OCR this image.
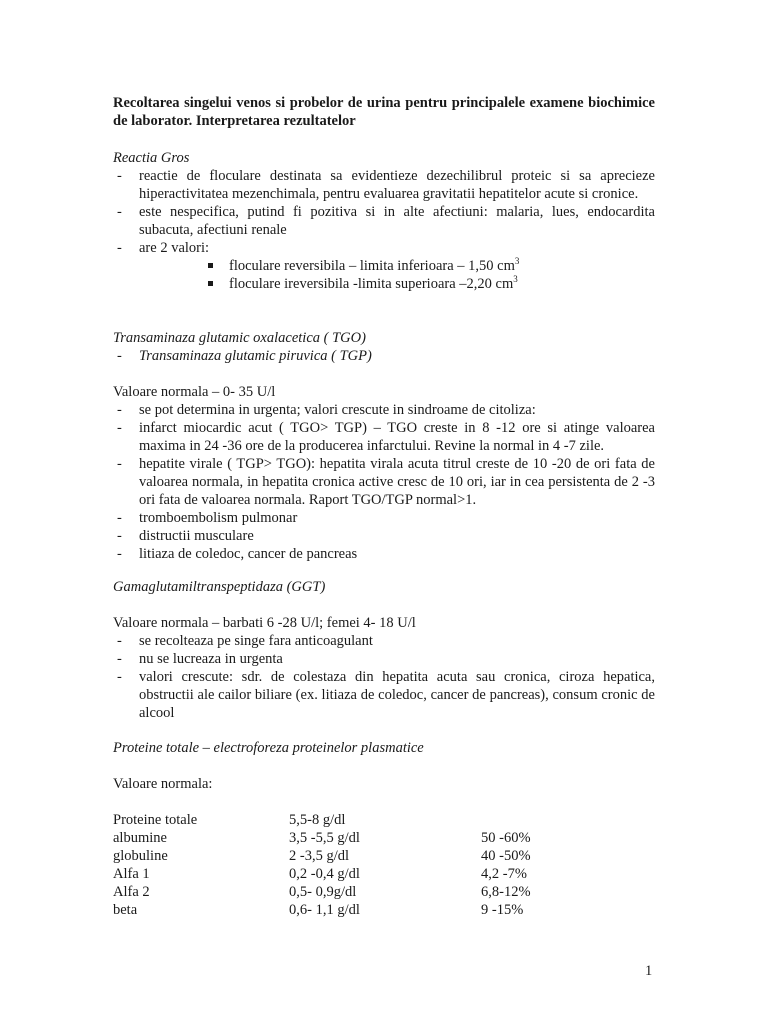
Recoltarea singelui venos si probelor de urina pentru principalele examene biochimice de laborator. Interpretarea rezultatelor
Reactia Gros
- reactie de floculare destinata sa evidentieze dezechilibrul proteic si sa aprecieze hiperactivitatea mezenchimala, pentru evaluarea gravitatii hepatitelor acute si cronice.
- este nespecifica, putind fi pozitiva si in alte afectiuni: malaria, lues, endocardita subacuta, afectiuni renale
- are 2 valori:
floculare reversibila – limita inferioara – 1,50 $cm^3$
floculare ireversibila -limita superioara –2,20 $cm^3$
Transaminaza glutamic oxalacetica ( TGO)
- Transaminaza glutamic piruvica ( TGP)
Valoare normala – 0- 35 U/l
- se pot determina in urgenta; valori crescute in sindroame de citoliza:
- infarct miocardic acut ( TGO> TGP) – TGO creste in 8 -12 ore si atinge valoarea maxima in 24 -36 ore de la producerea infarctului. Revine la normal in 4 -7 zile.
- hepatite virale ( TGP> TGO): hepatita virala acuta titrul creste de 10 -20 de ori fata de valoarea normala, in hepatita cronica active cresc de 10 ori, iar in cea persistenta de 2 -3 ori fata de valoarea normala. Raport TGO/TGP normal>1.
- tromboembolism pulmonar
- distructii musculare
- litiaza de coledoc, cancer de pancreas
Gamaglutamiltranspeptidaza (GGT)
Valoare normala – barbati 6 -28 U/l; femei 4- 18 U/l
- se recolteaza pe singe fara anticoagulant
- nu se lucreaza in urgenta
- valori crescute: sdr. de colestaza din hepatita acuta sau cronica, ciroza hepatica, obstructii ale cailor biliare (ex. litiaza de coledoc, cancer de pancreas), consum cronic de alcool
Proteine totale – electroforeza proteinelor plasmatice
Valoare normala:
Proteine totale	5,5-8 g/dl	
albumine	3,5 -5,5 g/dl	50 -60%
globuline	2 -3,5 g/dl	40 -50%
Alfa 1	0,2 -0,4 g/dl	4,2 -7%
Alfa 2	0,5- 0,9g/dl	6,8-12%
beta	0,6- 1,1 g/dl	9 -15%
1
